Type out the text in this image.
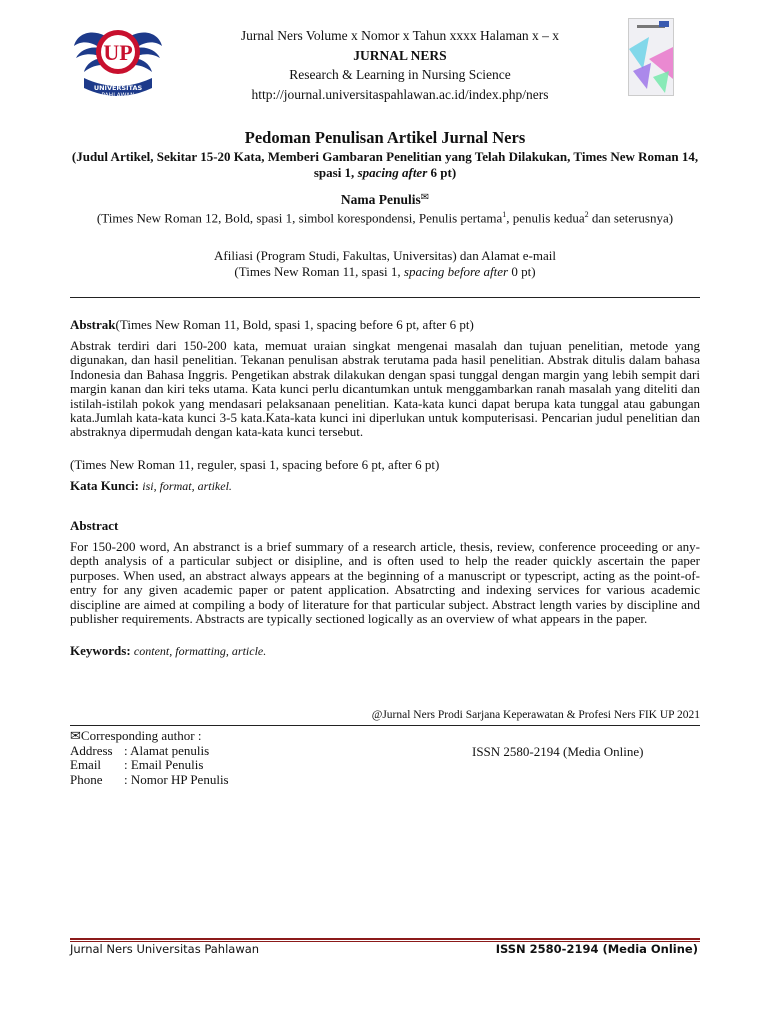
UP
UNIVERSITAS
PAHLAWAN
Jurnal Ners Volume x Nomor x Tahun xxxx Halaman x – x
JURNAL NERS
Research & Learning in Nursing Science
http://journal.universitaspahlawan.ac.id/index.php/ners
Pedoman Penulisan Artikel Jurnal Ners
(Judul Artikel, Sekitar 15-20 Kata, Memberi Gambaran Penelitian yang Telah Dilakukan, Times New Roman 14, spasi 1, spacing after 6 pt)
Nama Penulis✉
(Times New Roman 12, Bold, spasi 1, simbol korespondensi, Penulis pertama$^1$, penulis kedua$^2$ dan seterusnya)
Afiliasi (Program Studi, Fakultas, Universitas) dan Alamat e-mail
(Times New Roman 11, spasi 1, spacing before after 0 pt)
Abstrak(Times New Roman 11, Bold, spasi 1, spacing before 6 pt, after 6 pt)
Abstrak terdiri dari 150-200 kata, memuat uraian singkat mengenai masalah dan tujuan penelitian, metode yang digunakan, dan hasil penelitian. Tekanan penulisan abstrak terutama pada hasil penelitian. Abstrak ditulis dalam bahasa Indonesia dan Bahasa Inggris. Pengetikan abstrak dilakukan dengan spasi tunggal dengan margin yang lebih sempit dari margin kanan dan kiri teks utama. Kata kunci perlu dicantumkan untuk menggambarkan ranah masalah yang diteliti dan istilah-istilah pokok yang mendasari pelaksanaan penelitian. Kata-kata kunci dapat berupa kata tunggal atau gabungan kata.Jumlah kata-kata kunci 3-5 kata.Kata-kata kunci ini diperlukan untuk komputerisasi. Pencarian judul penelitian dan abstraknya dipermudah dengan kata-kata kunci tersebut.
(Times New Roman 11, reguler, spasi 1, spacing before 6 pt, after 6 pt)
Kata Kunci: isi, format, artikel.
Abstract
For 150-200 word, An abstranct is a brief summary of a research article, thesis, review, conference proceeding or any-depth analysis of a particular subject or disipline, and is often used to help the reader quickly ascertain the paper purposes. When used, an abstract always appears at the beginning of a manuscript or typescript, acting as the point-of-entry for any given academic paper or patent application. Absatrcting and indexing services for various academic discipline are aimed at compiling a body of literature for that particular subject. Abstract length varies by discipline and publisher requirements. Abstracts are typically sectioned logically as an overview of what appears in the paper.
Keywords: content, formatting, article.
@Jurnal Ners Prodi Sarjana Keperawatan & Profesi Ners FIK UP 2021
✉Corresponding author :
Address : Alamat penulis
Email	: Email Penulis
Phone	: Nomor HP Penulis
ISSN 2580-2194 (Media Online)
Jurnal Ners Universitas Pahlawan	ISSN 2580-2194 (Media Online)
